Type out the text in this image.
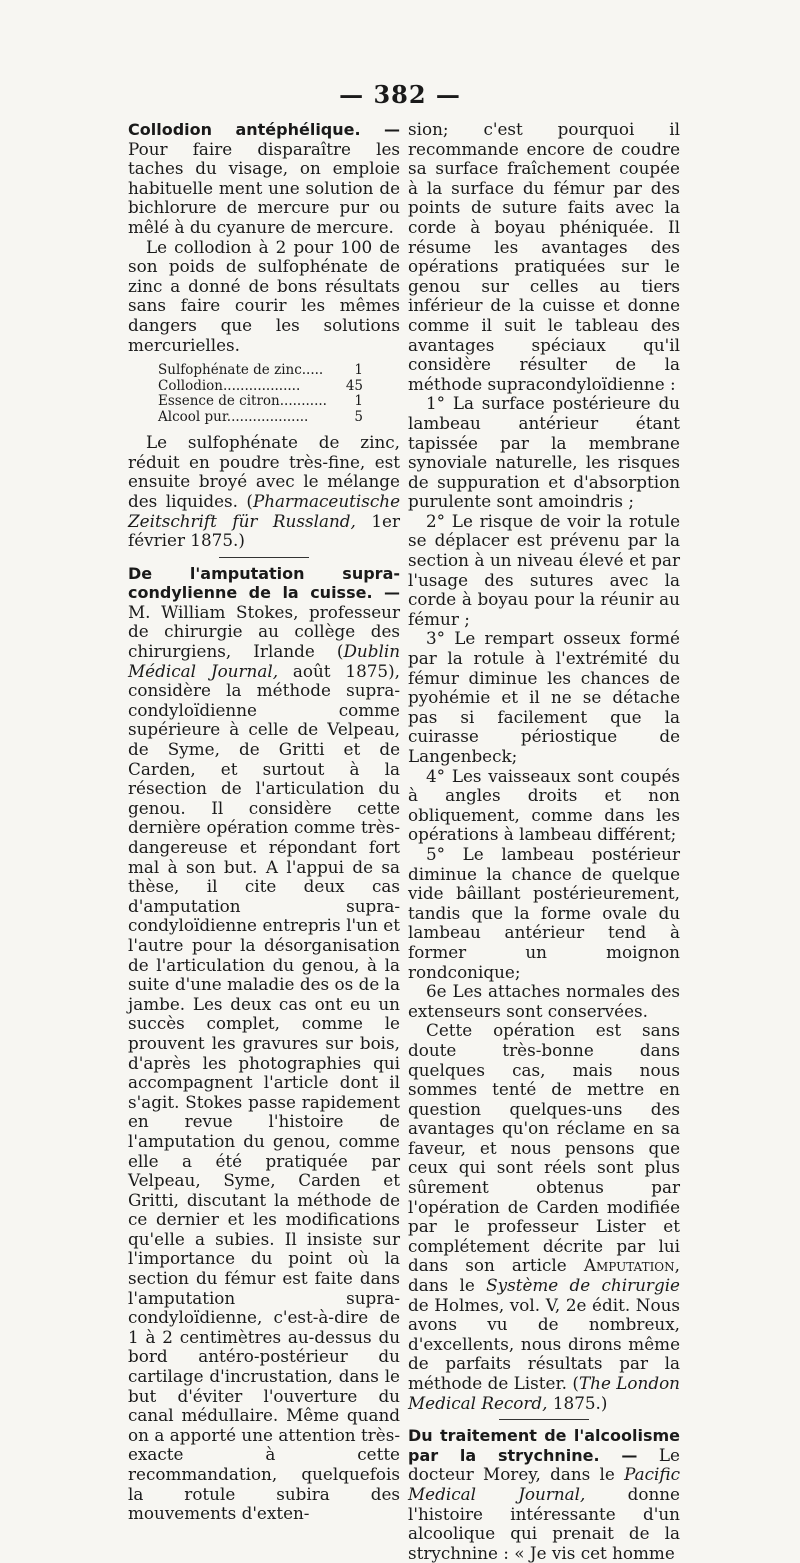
— 382 —

Collodion antéphélique. — Pour faire disparaître les taches du visage, on emploie habituelle ment une solution de bichlorure de mercure pur ou mêlé à du cyanure de mercure.

Le collodion à 2 pour 100 de son poids de sulfophénate de zinc a donné de bons résultats sans faire courir les mêmes dangers que les solutions mercurielles.

Sulfophénate de zinc..... 1
Collodion..................	45
Essence de citron........... 1
Alcool pur...................	5

Le sulfophénate de zinc, réduit en poudre très-fine, est ensuite broyé avec le mélange des liquides. (Pharmaceutische Zeitschrift für Russland, 1er février 1875.)

De l'amputation supra-condylienne de la cuisse. — M. William Stokes, professeur de chirurgie au collège des chirurgiens, Irlande (Dublin Médical Journal, août 1875), considère la méthode supra-condyloïdienne comme supérieure à celle de Velpeau, de Syme, de Gritti et de Carden, et surtout à la résection de l'articulation du genou. Il considère cette dernière opération comme très-dangereuse et répondant fort mal à son but. A l'appui de sa thèse, il cite deux cas d'amputation supra-condyloïdienne entrepris l'un et l'autre pour la désorganisation de l'articulation du genou, à la suite d'une maladie des os de la jambe. Les deux cas ont eu un succès complet, comme le prouvent les gravures sur bois, d'après les photographies qui accompagnent l'article dont il s'agit. Stokes passe rapidement en revue l'histoire de l'amputation du genou, comme elle a été pratiquée par Velpeau, Syme, Carden et Gritti, discutant la méthode de ce dernier et les modifications qu'elle a subies. Il insiste sur l'importance du point où la section du fémur est faite dans l'amputation supra-condyloïdienne, c'est-à-dire de 1 à 2 centimètres au-dessus du bord antéro-postérieur du cartilage d'incrustation, dans le but d'éviter l'ouverture du canal médullaire. Même quand on a apporté une attention très-exacte à cette recommandation, quelquefois la rotule subira des mouvements d'exten-

sion; c'est pourquoi il recommande encore de coudre sa surface fraîchement coupée à la surface du fémur par des points de suture faits avec la corde à boyau phéniquée. Il résume les avantages des opérations pratiquées sur le genou sur celles au tiers inférieur de la cuisse et donne comme il suit le tableau des avantages spéciaux qu'il considère résulter de la méthode supracondyloïdienne :

1° La surface postérieure du lambeau antérieur étant tapissée par la membrane synoviale naturelle, les risques de suppuration et d'absorption purulente sont amoindris ;

2° Le risque de voir la rotule se déplacer est prévenu par la section à un niveau élevé et par l'usage des sutures avec la corde à boyau pour la réunir au fémur ;

3° Le rempart osseux formé par la rotule à l'extrémité du fémur diminue les chances de pyohémie et il ne se détache pas si facilement que la cuirasse périostique de Langenbeck;

4° Les vaisseaux sont coupés à angles droits et non obliquement, comme dans les opérations à lambeau différent;

5° Le lambeau postérieur diminue la chance de quelque vide bâillant postérieurement, tandis que la forme ovale du lambeau antérieur tend à former un moignon rondconique;

6e Les attaches normales des extenseurs sont conservées.

Cette opération est sans doute très-bonne dans quelques cas, mais nous sommes tenté de mettre en question quelques-uns des avantages qu'on réclame en sa faveur, et nous pensons que ceux qui sont réels sont plus sûrement obtenus par l'opération de Carden modifiée par le professeur Lister et complétement décrite par lui dans son article Amputation, dans le Système de chirurgie de Holmes, vol. V, 2e édit. Nous avons vu de nombreux, d'excellents, nous dirons même de parfaits résultats par la méthode de Lister. (The London Medical Record, 1875.)

Du traitement de l'alcoolisme par la strychnine. — Le docteur Morey, dans le Pacific Medical Journal, donne l'histoire intéressante d'un alcoolique qui prenait de la strychnine : « Je vis cet homme
